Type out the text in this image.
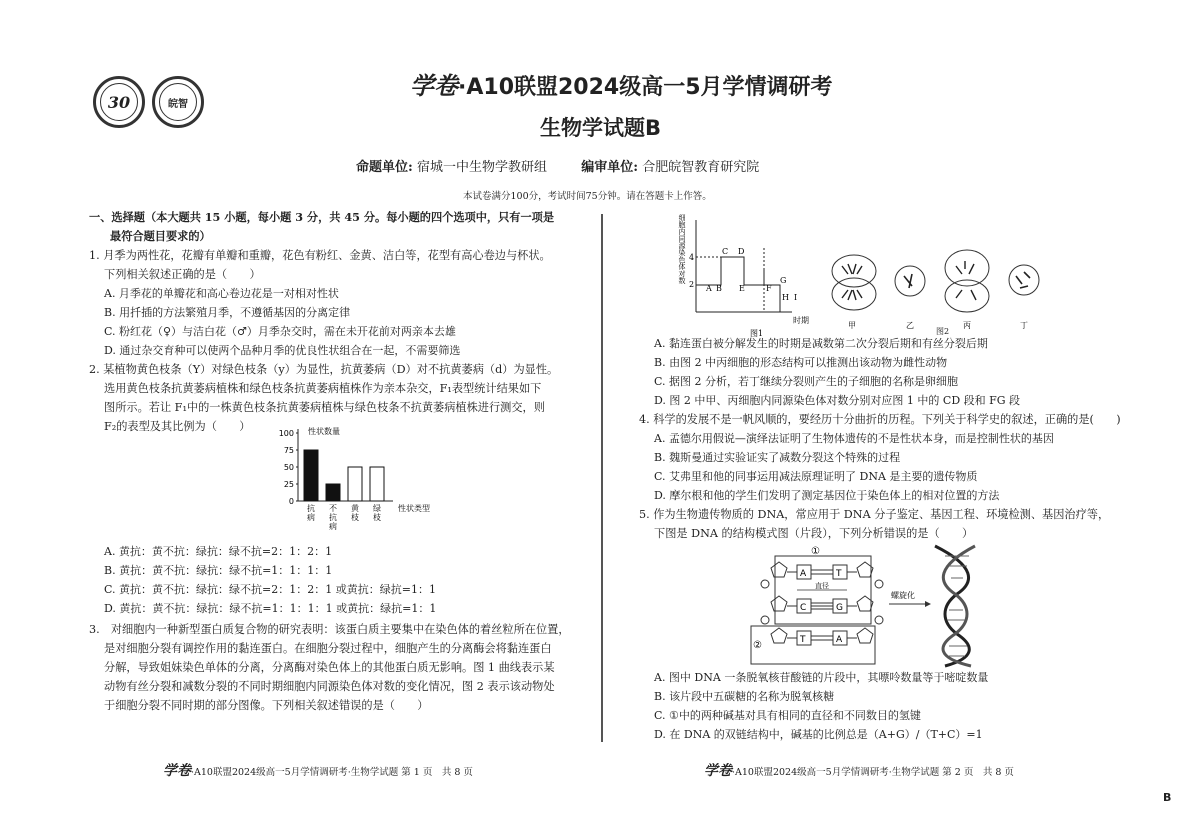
30	皖智
学卷·A10联盟2024级高一5月学情调研考
生物学试题B
命题单位: 宿城一中生物学教研组	编审单位: 合肥皖智教育研究院
本试卷满分100分，考试时间75分钟。请在答题卡上作答。
一、选择题（本大题共 15 小题，每小题 3 分，共 45 分。每小题的四个选项中，只有一项是
最符合题目要求的）
1. 月季为两性花，花瓣有单瓣和重瓣，花色有粉红、金黄、洁白等，花型有高心卷边与杯状。
下列相关叙述正确的是（　　）
A. 月季花的单瓣花和高心卷边花是一对相对性状
B. 用扦插的方法繁殖月季，不遵循基因的分离定律
C. 粉红花（♀）与洁白花（♂）月季杂交时，需在未开花前对两亲本去雄
D. 通过杂交育种可以使两个品种月季的优良性状组合在一起，不需要筛选
2. 某植物黄色枝条（Y）对绿色枝条（y）为显性，抗黄萎病（D）对不抗黄萎病（d）为显性。
选用黄色枝条抗黄萎病植株和绿色枝条抗黄萎病植株作为亲本杂交，F₁表型统计结果如下
图所示。若让 F₁中的一株黄色枝条抗黄萎病植株与绿色枝条不抗黄萎病植株进行测交，则
F₂的表型及其比例为（　　）
100
75
50
25
0
性状数量
抗
病
不
抗
病
黄
枝
绿
枝
性状类型
A. 黄抗：黄不抗：绿抗：绿不抗=2：1：2：1
B. 黄抗：黄不抗：绿抗：绿不抗=1：1：1：1
C. 黄抗：黄不抗：绿抗：绿不抗=2：1：2：1 或黄抗：绿抗=1：1
D. 黄抗：黄不抗：绿抗：绿不抗=1：1：1：1 或黄抗：绿抗=1：1
3.　对细胞内一种新型蛋白质复合物的研究表明：该蛋白质主要集中在染色体的着丝粒所在位置，
是对细胞分裂有调控作用的黏连蛋白。在细胞分裂过程中，细胞产生的分离酶会将黏连蛋白
分解，导致姐妹染色单体的分离，分离酶对染色体上的其他蛋白质无影响。图 1 曲线表示某
动物有丝分裂和减数分裂的不同时期细胞内同源染色体对数的变化情况，图 2 表示该动物处
于细胞分裂不同时期的部分图像。下列相关叙述错误的是（　　）
学卷·A10联盟2024级高一5月学情调研考·生物学试题 第 1 页　共 8 页
细胞内同源染色体对数 4
2 A B
C D
E	F
G
H I
时期
图1
甲	乙	丙	丁
图2
A. 黏连蛋白被分解发生的时期是减数第二次分裂后期和有丝分裂后期
B. 由图 2 中丙细胞的形态结构可以推测出该动物为雌性动物
C. 据图 2 分析，若丁继续分裂则产生的子细胞的名称是卵细胞
D. 图 2 中甲、丙细胞内同源染色体对数分别对应图 1 中的 CD 段和 FG 段
4. 科学的发展不是一帆风顺的，要经历十分曲折的历程。下列关于科学史的叙述，正确的是(　　)
A. 孟德尔用假说—演绎法证明了生物体遗传的不是性状本身，而是控制性状的基因
B. 魏斯曼通过实验证实了减数分裂这个特殊的过程
C. 艾弗里和他的同事运用减法原理证明了 DNA 是主要的遗传物质
D. 摩尔根和他的学生们发明了测定基因位于染色体上的相对位置的方法
5. 作为生物遗传物质的 DNA，常应用于 DNA 分子鉴定、基因工程、环境检测、基因治疗等，
下图是 DNA 的结构模式图（片段），下列分析错误的是（　　）
①
②
A	T
C	G
T	A
直径
螺旋化
A. 图中 DNA 一条脱氧核苷酸链的片段中，其嘌呤数量等于嘧啶数量
B. 该片段中五碳糖的名称为脱氧核糖
C. ①中的两种碱基对具有相同的直径和不同数目的氢键
D. 在 DNA 的双链结构中，碱基的比例总是（A+G）/（T+C）=1
学卷·A10联盟2024级高一5月学情调研考·生物学试题 第 2 页　共 8 页
B
